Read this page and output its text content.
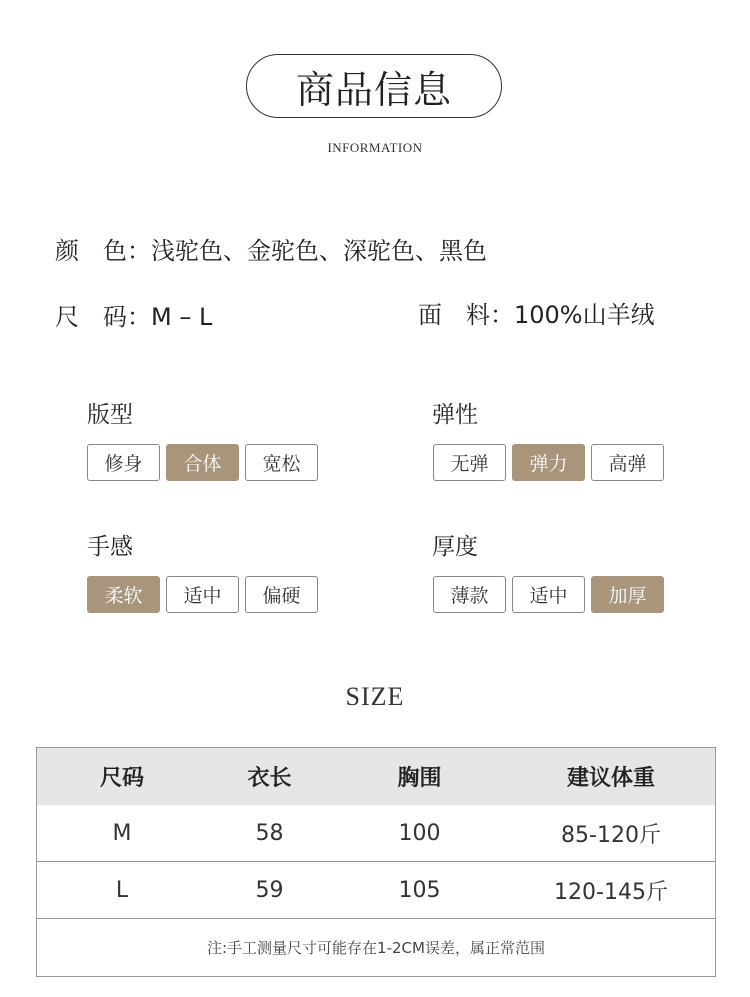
商品信息
INFORMATION
颜　色：浅驼色、金驼色、深驼色、黑色
尺　码：M – L	面　料：100%山羊绒
版型
修身	合体	宽松
弹性
无弹	弹力	高弹
手感
柔软	适中	偏硬
厚度
薄款	适中	加厚
SIZE
尺码	衣长	胸围	建议体重
M	58	100	85-120斤
L	59	105	120-145斤
注:手工测量尺寸可能存在1-2CM误差，属正常范围
